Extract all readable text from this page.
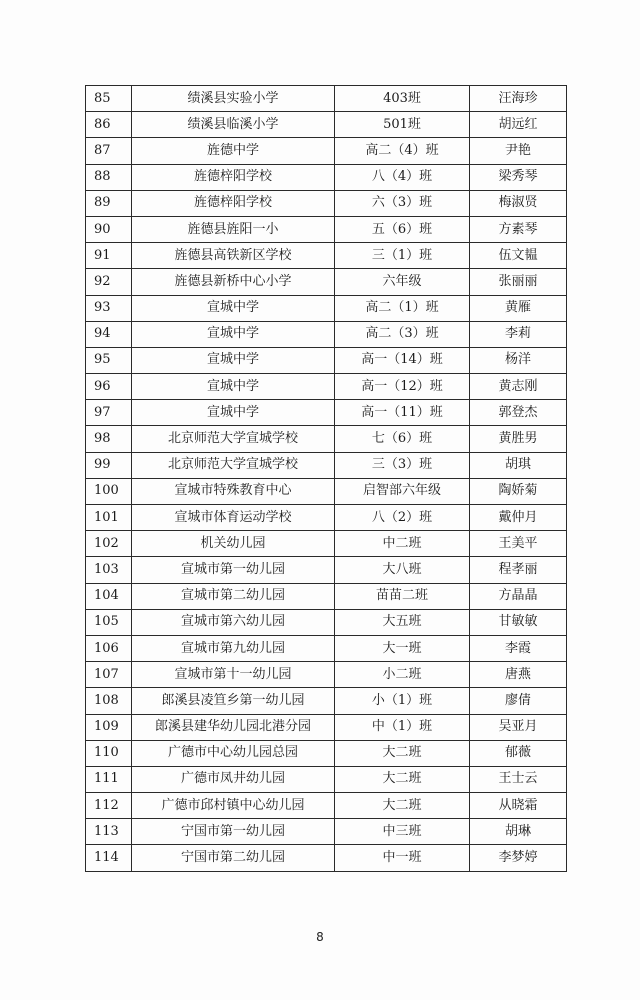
85	绩溪县实验小学	403班	汪海珍
86	绩溪县临溪小学	501班	胡远红
87	旌德中学	高二（4）班	尹艳
88	旌德梓阳学校	八（4）班	梁秀琴
89	旌德梓阳学校	六（3）班	梅淑贤
90	旌德县旌阳一小	五（6）班	方素琴
91	旌德县高铁新区学校	三（1）班	伍文韫
92	旌德县新桥中心小学	六年级	张丽丽
93	宣城中学	高二（1）班	黄雁
94	宣城中学	高二（3）班	李莉
95	宣城中学	高一（14）班	杨洋
96	宣城中学	高一（12）班	黄志刚
97	宣城中学	高一（11）班	郭登杰
98	北京师范大学宣城学校	七（6）班	黄胜男
99	北京师范大学宣城学校	三（3）班	胡琪
100	宣城市特殊教育中心	启智部六年级	陶娇菊
101	宣城市体育运动学校	八（2）班	戴仲月
102	机关幼儿园	中二班	王美平
103	宣城市第一幼儿园	大八班	程孝丽
104	宣城市第二幼儿园	苗苗二班	方晶晶
105	宣城市第六幼儿园	大五班	甘敏敏
106	宣城市第九幼儿园	大一班	李霞
107	宣城市第十一幼儿园	小二班	唐燕
108	郎溪县凌笪乡第一幼儿园	小（1）班	廖倩
109	郎溪县建华幼儿园北港分园	中（1）班	吴亚月
110	广德市中心幼儿园总园	大二班	郁薇
111	广德市凤井幼儿园	大二班	王士云
112	广德市邱村镇中心幼儿园	大二班	从晓霜
113	宁国市第一幼儿园	中三班	胡琳
114	宁国市第二幼儿园	中一班	李梦婷
8
